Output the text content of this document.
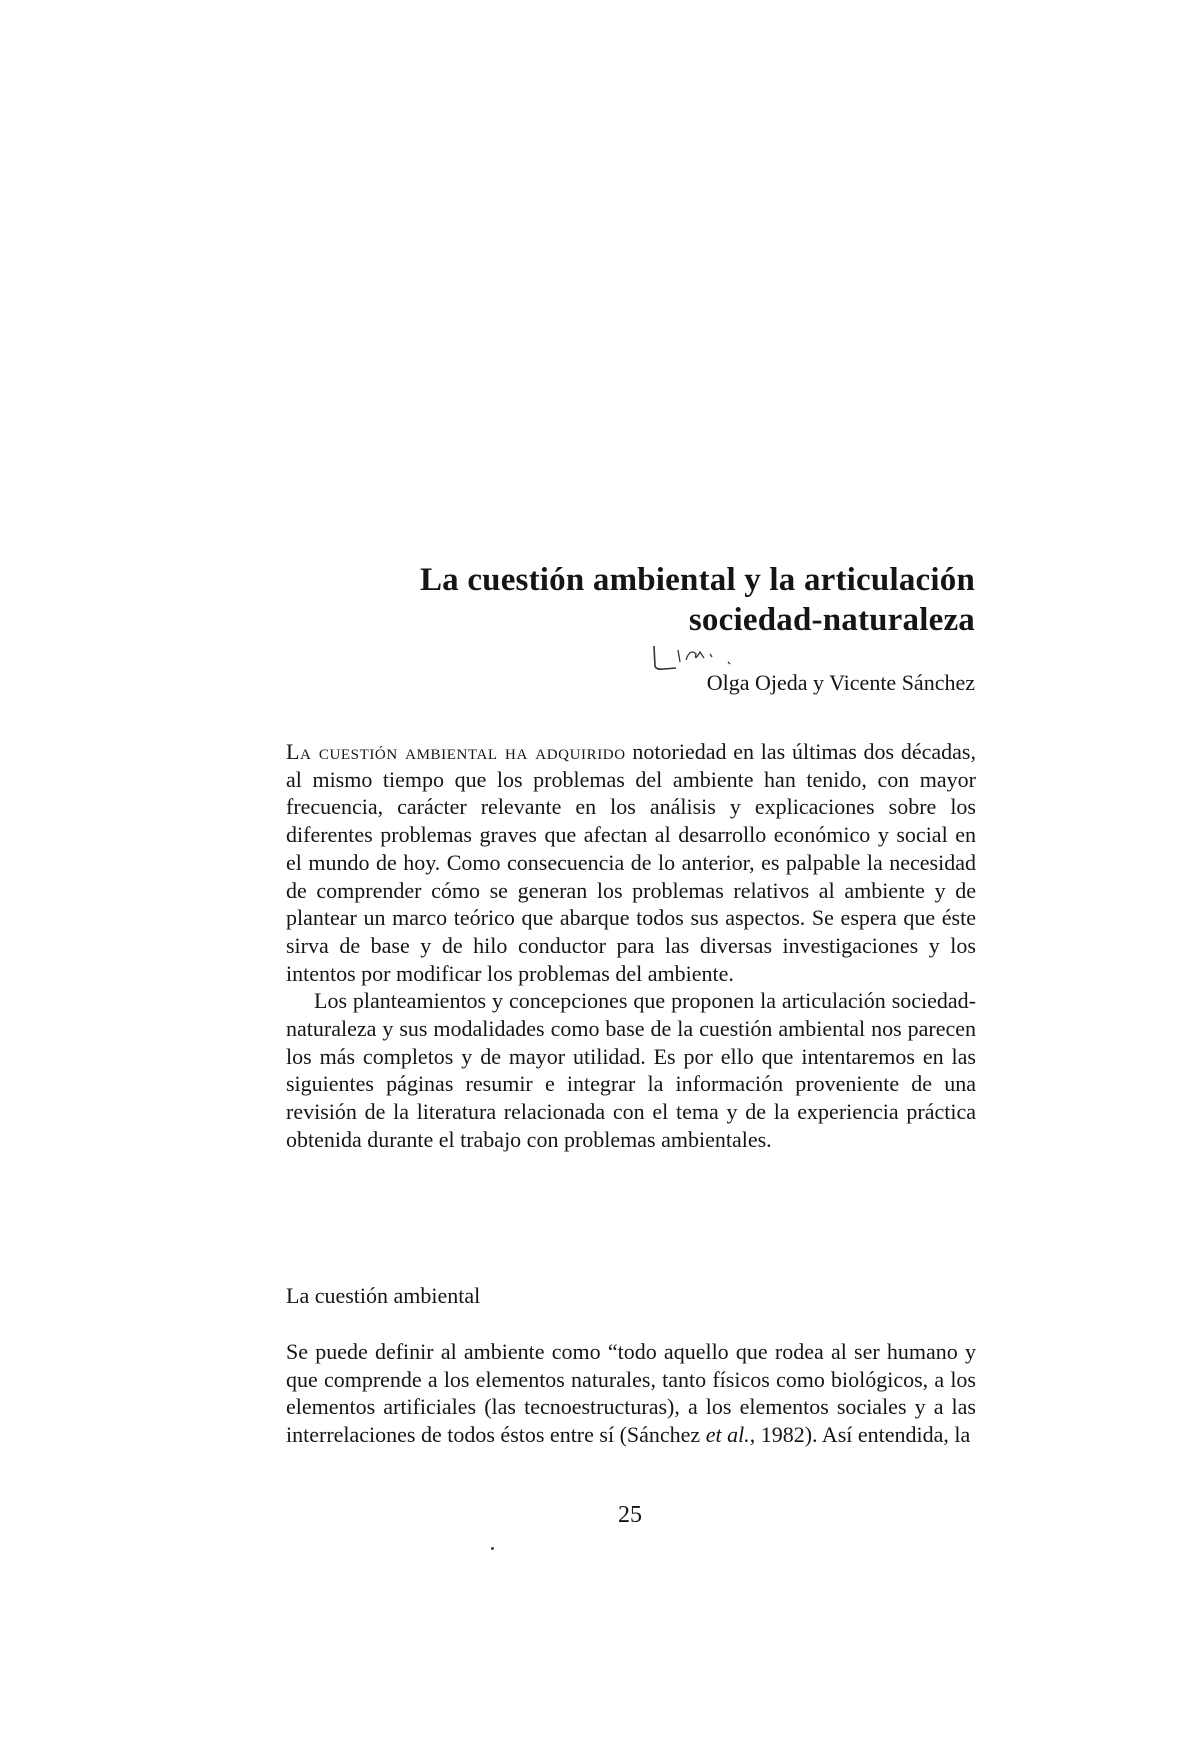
La cuestión ambiental y la articulación
sociedad-naturaleza
Olga Ojeda y Vicente Sánchez

La cuestión ambiental ha adquirido notoriedad en las últimas dos décadas, al mismo tiempo que los problemas del ambiente han tenido, con mayor frecuencia, carácter relevante en los análisis y explicaciones sobre los diferentes problemas graves que afectan al desarrollo económico y social en el mundo de hoy. Como consecuencia de lo anterior, es palpable la necesidad de comprender cómo se generan los problemas relativos al ambiente y de plantear un marco teórico que abarque todos sus aspectos. Se espera que éste sirva de base y de hilo conductor para las diversas investigaciones y los intentos por modificar los problemas del ambiente.

Los planteamientos y concepciones que proponen la articulación sociedad-naturaleza y sus modalidades como base de la cuestión ambiental nos parecen los más completos y de mayor utilidad. Es por ello que intentaremos en las siguientes páginas resumir e integrar la información proveniente de una revisión de la literatura relacionada con el tema y de la experiencia práctica obtenida durante el trabajo con problemas ambientales.

La cuestión ambiental

Se puede definir al ambiente como “todo aquello que rodea al ser humano y que comprende a los elementos naturales, tanto físicos como biológicos, a los elementos artificiales (las tecnoestructuras), a los elementos sociales y a las interrelaciones de todos éstos entre sí (Sánchez et al., 1982). Así entendida, la

25
